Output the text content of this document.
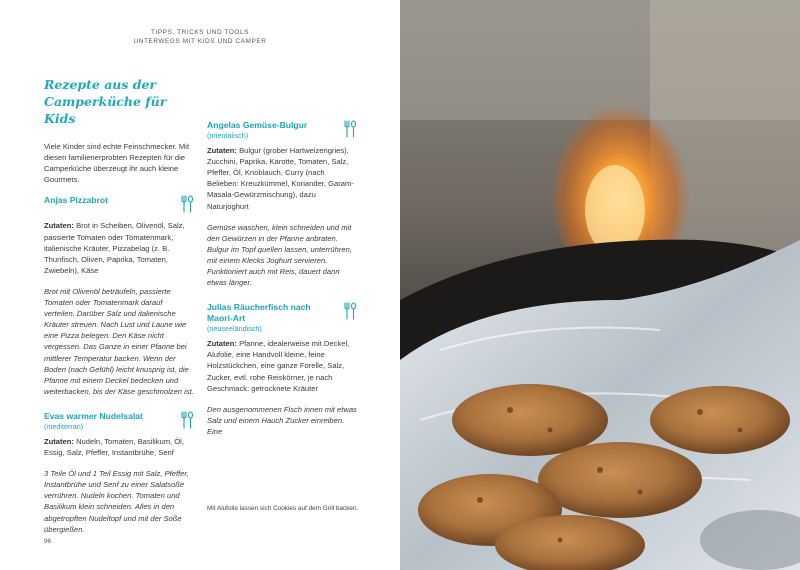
TIPPS, TRICKS UND TOOLS
UNTERWEGS MIT KIDS UND CAMPER
Rezepte aus der Camperküche für Kids

Viele Kinder sind echte Feinschmecker. Mit diesen familienerprobten Rezepten für die Camperküche überzeugt ihr auch kleine Gourmets.

Anjas Pizzabrot

Zutaten: Brot in Scheiben, Olivenöl, Salz, passierte Tomaten oder Tomatenmark, italienische Kräuter, Pizzabelag (z. B. Thunfisch, Oliven, Paprika, Tomaten, Zwiebeln), Käse

Brot mit Olivenöl beträufeln, passierte Tomaten oder Tomatenmark darauf verteilen. Darüber Salz und italienische Kräuter streuen. Nach Lust und Laune wie eine Pizza belegen. Den Käse nicht vergessen. Das Ganze in einer Pfanne bei mittlerer Temperatur backen. Wenn der Boden (nach Gefühl) leicht knusprig ist, die Pfanne mit einem Deckel bedecken und weiterbacken, bis der Käse geschmolzen ist.

Evas warmer Nudelsalat
(mediterran)

Zutaten: Nudeln, Tomaten, Basilikum, Öl, Essig, Salz, Pfeffer, Instantbrühe, Senf

3 Teile Öl und 1 Teil Essig mit Salz, Pfeffer, Instantbrühe und Senf zu einer Salatsoße verrühren. Nudeln kochen. Tomaten und Basilikum klein schneiden. Alles in den abgetropften Nudeltopf und mit der Soße übergießen.

Angelas Gemüse-Bulgur
(orientalisch)

Zutaten: Bulgur (grober Hartweizengries), Zucchini, Paprika, Karotte, Tomaten, Salz, Pfeffer, Öl, Knoblauch, Curry (nach Belieben: Kreuzkümmel, Koriander, Garam-Masala-Gewürzmischung), dazu Naturjoghurt

Gemüse waschen, klein schneiden und mit den Gewürzen in der Pfanne anbraten. Bulgur im Topf quellen lassen, unterrühren, mit einem Klecks Joghurt servieren. Funktioniert auch mit Reis, dauert dann etwas länger.

Julias Räucherfisch nach Maori-Art
(neuseeländisch)

Zutaten: Pfanne, idealerweise mit Deckel, Alufolie, eine Handvoll kleine, feine Holzstückchen, eine ganze Forelle, Salz, Zucker, evtl. rohe Reiskörner, je nach Geschmack: getrocknete Kräuter

Den ausgenommenen Fisch innen mit etwas Salz und einem Hauch Zucker einreiben. Eine

Mit Alufolie lassen sich Cookies auf dem Grill backen.
96
